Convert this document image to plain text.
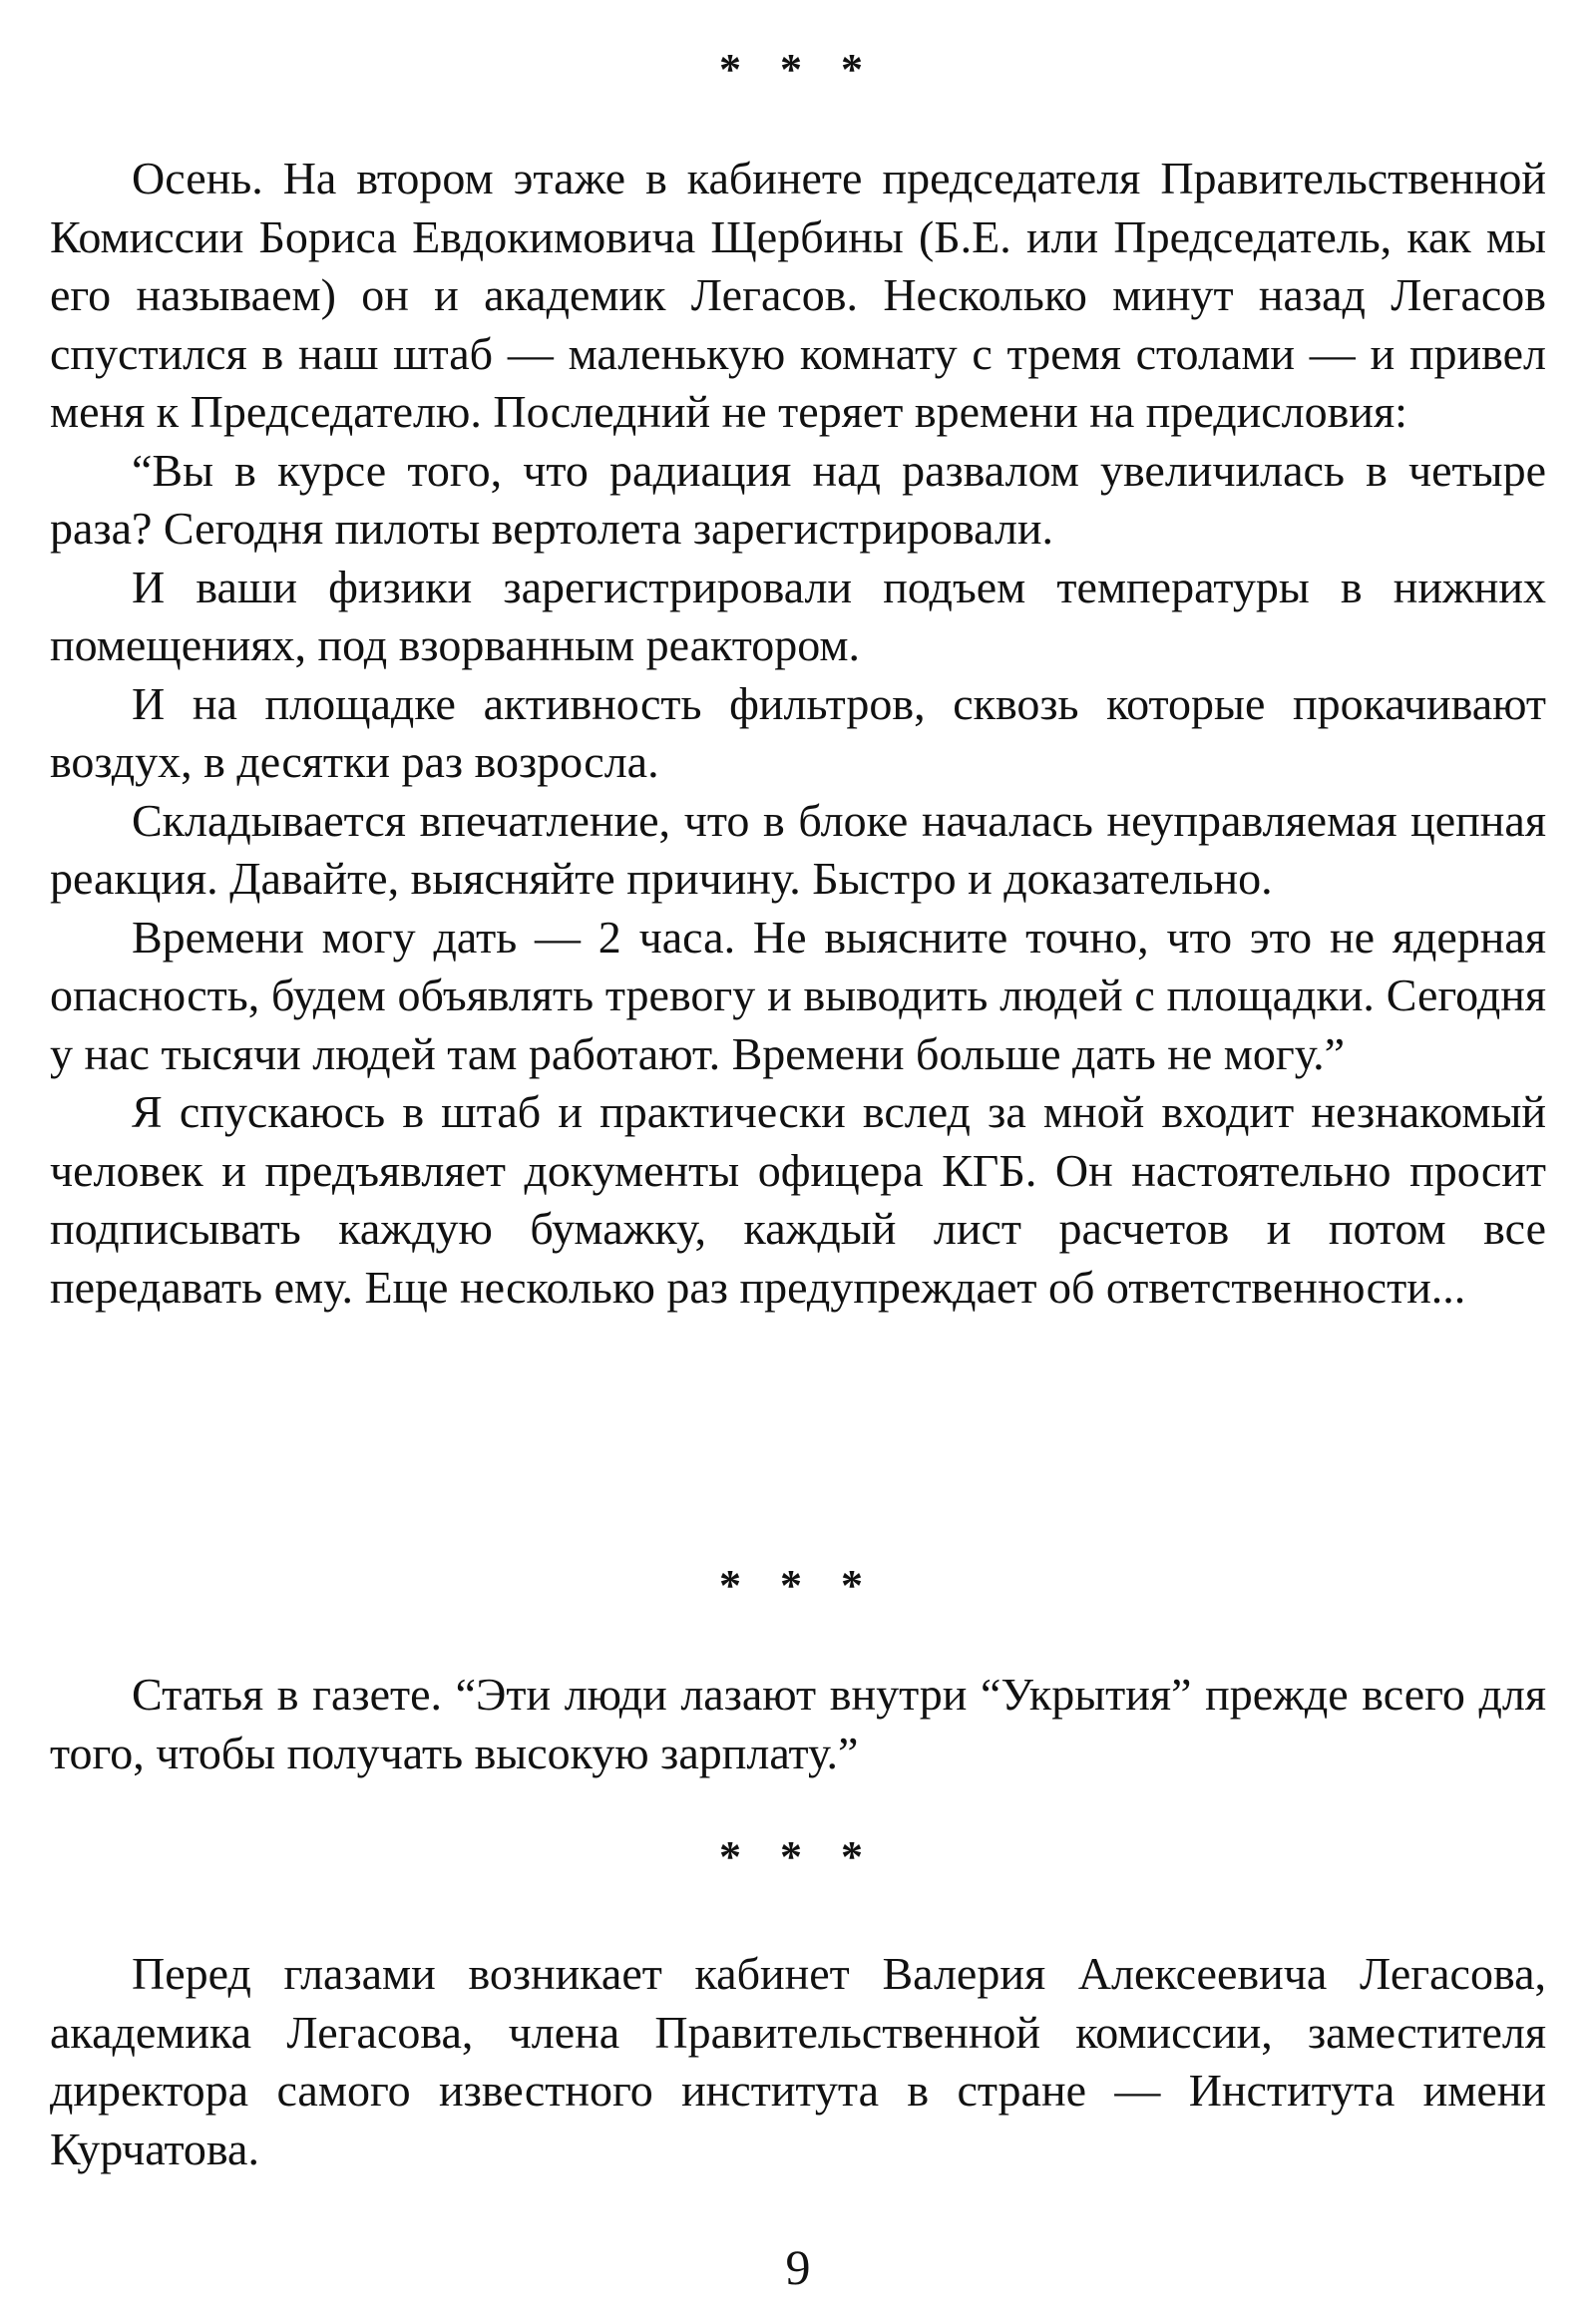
* * *

Осень. На втором этаже в кабинете председателя Правительственной Комиссии Бориса Евдокимовича Щербины (Б.Е. или Председатель, как мы его называем) он и академик Легасов. Несколько минут назад Легасов спустился в наш штаб — маленькую комнату с тремя столами — и привел меня к Председателю. Последний не теряет времени на предисловия:

“Вы в курсе того, что радиация над развалом увеличилась в четыре раза? Сегодня пилоты вертолета зарегистрировали.

И ваши физики зарегистрировали подъем температуры в нижних помещениях, под взорванным реактором.

И на площадке активность фильтров, сквозь которые прокачивают воздух, в десятки раз возросла.

Складывается впечатление, что в блоке началась неуправляемая цепная реакция. Давайте, выясняйте причину. Быстро и доказательно.

Времени могу дать — 2 часа. Не выясните точно, что это не ядерная опасность, будем объявлять тревогу и выводить людей с площадки. Сегодня у нас тысячи людей там работают. Времени больше дать не могу.”

Я спускаюсь в штаб и практически вслед за мной входит незнакомый человек и предъявляет документы офицера КГБ. Он настоятельно просит подписывать каждую бумажку, каждый лист расчетов и потом все передавать ему. Еще несколько раз предупреждает об ответственности...

* * *

Статья в газете. “Эти люди лазают внутри “Укрытия” прежде всего для того, чтобы получать высокую зарплату.”

* * *

Перед глазами возникает кабинет Валерия Алексеевича Легасова, академика Легасова, члена Правительственной комиссии, заместителя директора самого известного института в стране — Института имени Курчатова.

9
